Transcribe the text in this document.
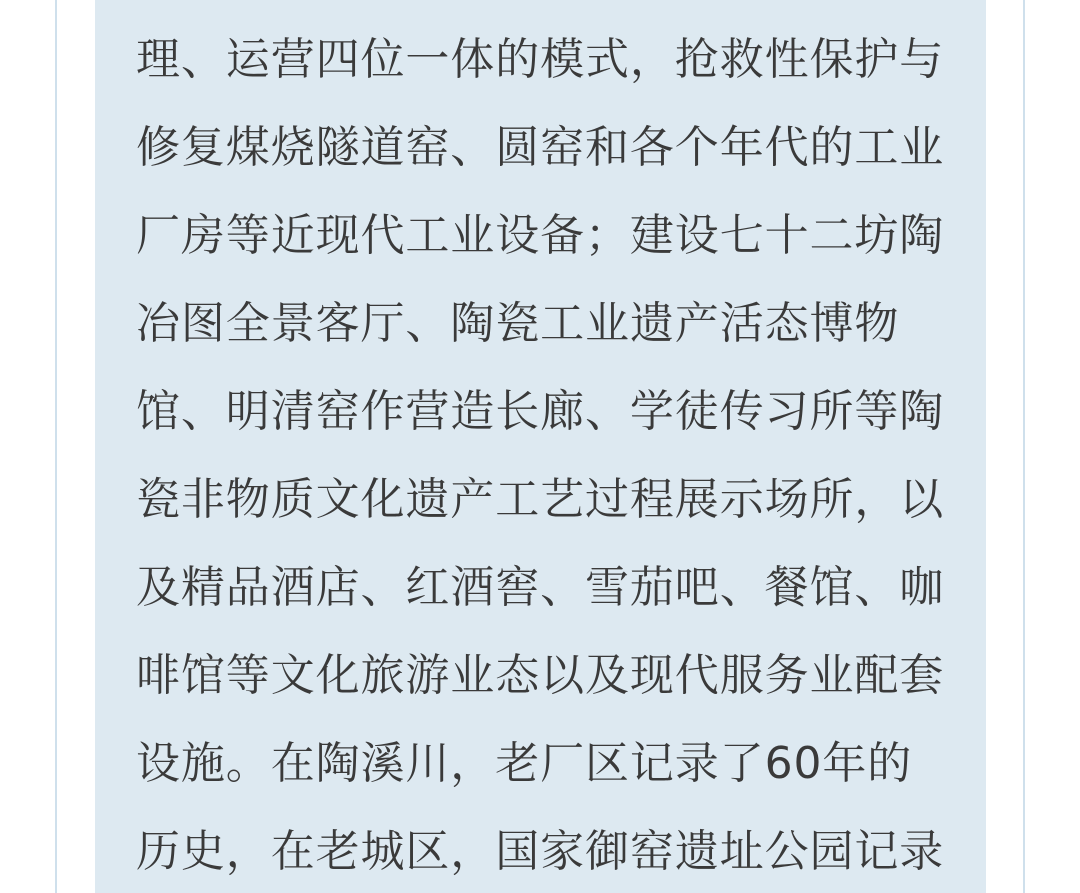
理、运营四位一体的模式，抢救性保护与
修复煤烧隧道窑、圆窑和各个年代的工业
厂房等近现代工业设备；建设七十二坊陶
冶图全景客厅、陶瓷工业遗产活态博物
馆、明清窑作营造长廊、学徒传习所等陶
瓷非物质文化遗产工艺过程展示场所，以
及精品酒店、红酒窖、雪茄吧、餐馆、咖
啡馆等文化旅游业态以及现代服务业配套
设施。在陶溪川，老厂区记录了60年的
历史，在老城区，国家御窑遗址公园记录
